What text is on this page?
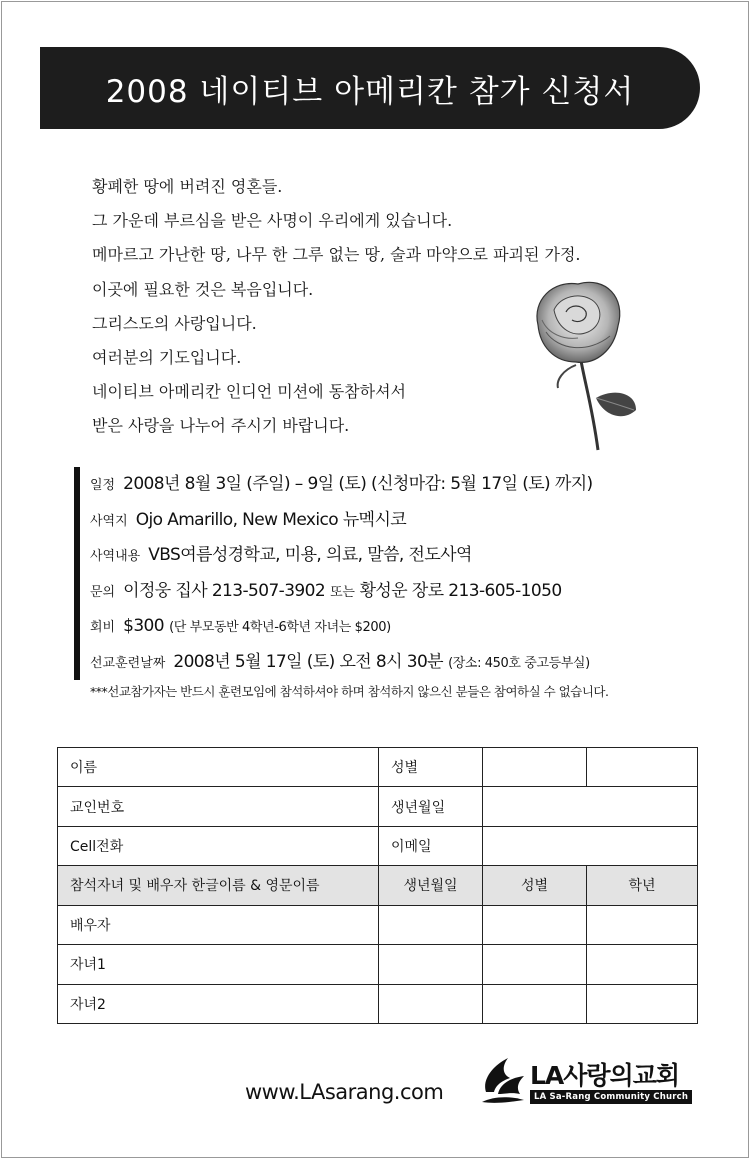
2008 네이티브 아메리칸 참가 신청서
황폐한 땅에 버려진 영혼들.
그 가운데 부르심을 받은 사명이 우리에게 있습니다.
메마르고 가난한 땅, 나무 한 그루 없는 땅, 술과 마약으로 파괴된 가정.
이곳에 필요한 것은 복음입니다.
그리스도의 사랑입니다.
여러분의 기도입니다.
네이티브 아메리칸 인디언 미션에 동참하셔서
받은 사랑을 나누어 주시기 바랍니다.
일정 2008년 8월 3일 (주일) – 9일 (토) (신청마감: 5월 17일 (토) 까지)
사역지 Ojo Amarillo, New Mexico 뉴멕시코
사역내용 VBS여름성경학교, 미용, 의료, 말씀, 전도사역
문의 이정웅 집사 213-507-3902 또는 황성운 장로 213-605-1050
회비 $300 (단 부모동반 4학년-6학년 자녀는 $200)
선교훈련날짜 2008년 5월 17일 (토) 오전 8시 30분 (장소: 450호 중고등부실)
***선교참가자는 반드시 훈련모임에 참석하셔야 하며 참석하지 않으신 분들은 참여하실 수 없습니다.
이름	성별		
교인번호	생년월일		
Cell전화	이메일		
참석자녀 및 배우자 한글이름 & 영문이름	생년월일	성별	학년
배우자			
자녀1			
자녀2			
www.LAsarang.com
LA사랑의교회
LA Sa-Rang Community Church
